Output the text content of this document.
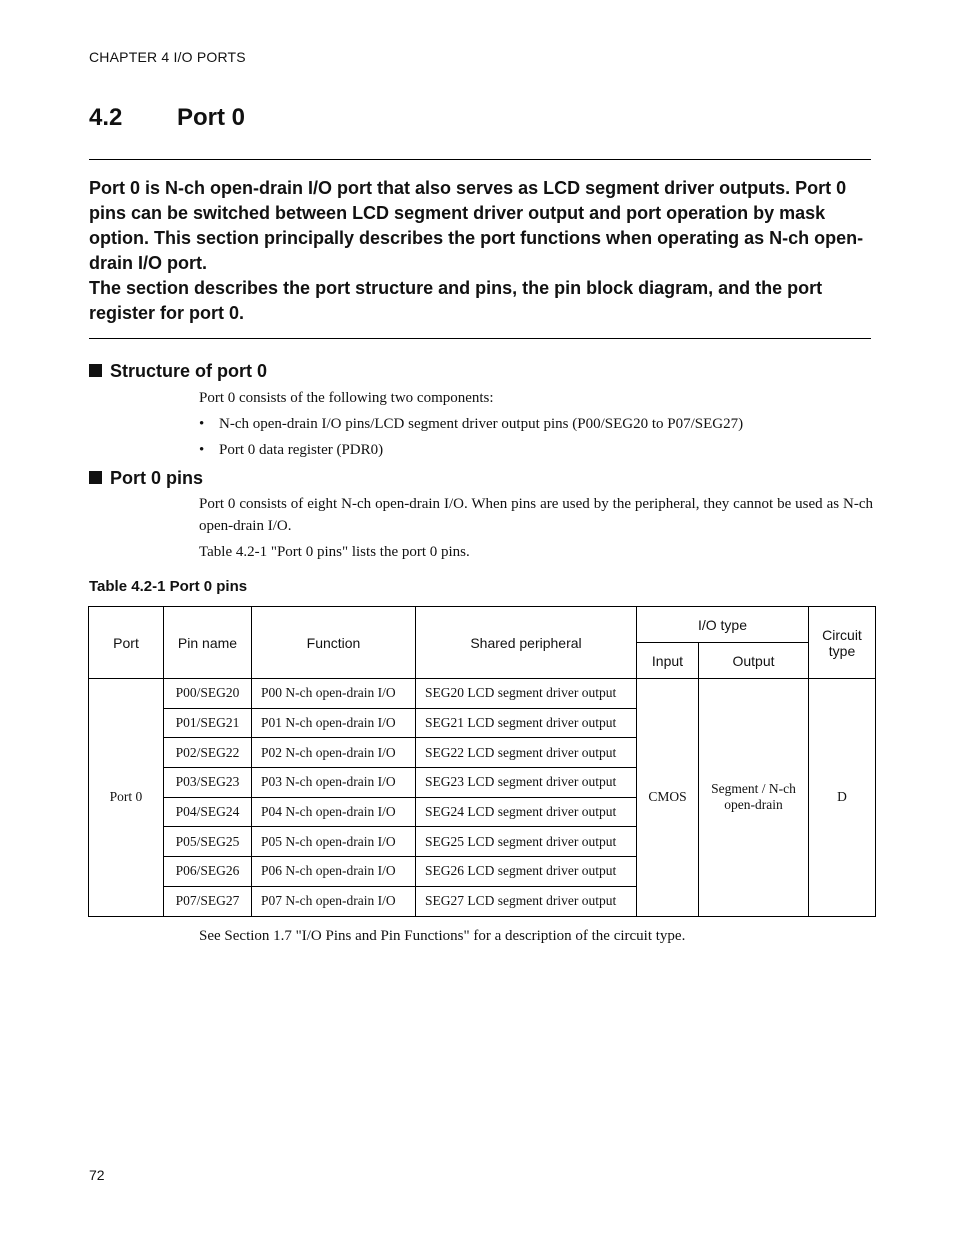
CHAPTER 4 I/O PORTS
4.2 Port 0

Port 0 is N-ch open-drain I/O port that also serves as LCD segment driver outputs. Port 0 pins can be switched between LCD segment driver output and port operation by mask option. This section principally describes the port functions when operating as N-ch open-drain I/O port.

The section describes the port structure and pins, the pin block diagram, and the port register for port 0.

Structure of port 0
Port 0 consists of the following two components:
• N-ch open-drain I/O pins/LCD segment driver output pins (P00/SEG20 to P07/SEG27)
• Port 0 data register (PDR0)
Port 0 pins

Port 0 consists of eight N-ch open-drain I/O. When pins are used by the peripheral, they cannot be used as N-ch open-drain I/O.

Table 4.2-1 "Port 0 pins" lists the port 0 pins.

Table 4.2-1 Port 0 pins
Port	Pin name	Function	Shared peripheral	I/O type		Circuit type
				Input	Output	
Port 0	P00/SEG20	P00 N-ch open-drain I/O	SEG20 LCD segment driver output	CMOS	Segment / N-ch open-drain	D
	P01/SEG21	P01 N-ch open-drain I/O	SEG21 LCD segment driver output			
	P02/SEG22	P02 N-ch open-drain I/O	SEG22 LCD segment driver output			
	P03/SEG23	P03 N-ch open-drain I/O	SEG23 LCD segment driver output			
	P04/SEG24	P04 N-ch open-drain I/O	SEG24 LCD segment driver output			
	P05/SEG25	P05 N-ch open-drain I/O	SEG25 LCD segment driver output			
	P06/SEG26	P06 N-ch open-drain I/O	SEG26 LCD segment driver output			
	P07/SEG27	P07 N-ch open-drain I/O	SEG27 LCD segment driver output			
See Section 1.7 "I/O Pins and Pin Functions" for a description of the circuit type.
72
